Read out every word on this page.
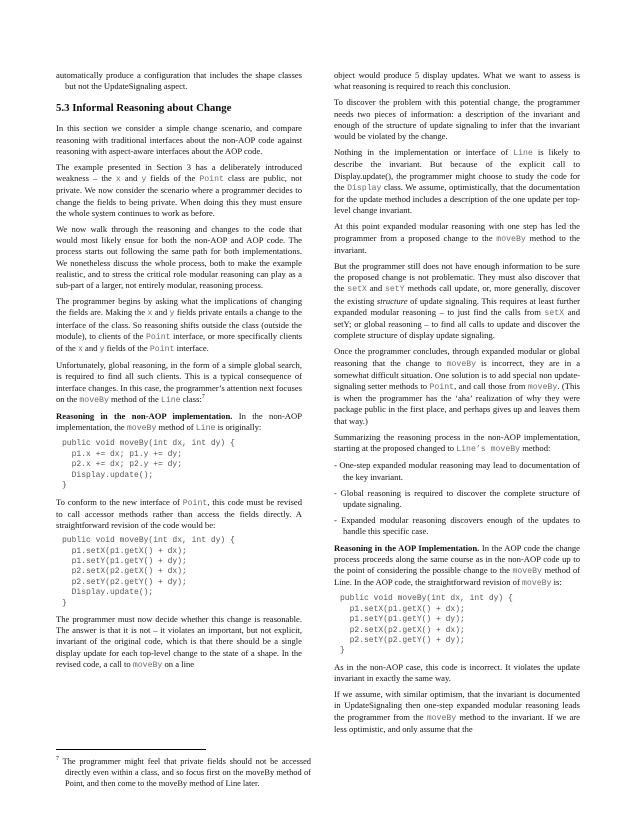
automatically produce a configuration that includes the shape classes but not the UpdateSignaling aspect.

5.3 Informal Reasoning about Change

In this section we consider a simple change scenario, and compare reasoning with traditional interfaces about the non-AOP code against reasoning with aspect-aware interfaces about the AOP code.

The example presented in Section 3 has a deliberately introduced weakness – the x and y fields of the Point class are public, not private. We now consider the scenario where a programmer decides to change the fields to being private. When doing this they must ensure the whole system continues to work as before.

We now walk through the reasoning and changes to the code that would most likely ensue for both the non-AOP and AOP code. The process starts out following the same path for both implementations. We nonetheless discuss the whole process, both to make the example realistic, and to stress the critical role modular reasoning can play as a sub-part of a larger, not entirely modular, reasoning process.

The programmer begins by asking what the implications of changing the fields are. Making the x and y fields private entails a change to the interface of the class. So reasoning shifts outside the class (outside the module), to clients of the Point interface, or more specifically clients of the x and y fields of the Point interface.

Unfortunately, global reasoning, in the form of a simple global search, is required to find all such clients. This is a typical consequence of interface changes. In this case, the programmer’s attention next focuses on the moveBy method of the Line class:$^7$

Reasoning in the non-AOP implementation. In the non-AOP implementation, the moveBy method of Line is originally:

public void moveBy(int dx, int dy) {
p1.x += dx; p1.y += dy;
p2.x += dx; p2.y += dy;
Display.update();
}

To conform to the new interface of Point, this code must be revised to call accessor methods rather than access the fields directly. A straightforward revision of the code would be:

public void moveBy(int dx, int dy) {
p1.setX(p1.getX() + dx);
p1.setY(p1.getY() + dy);
p2.setX(p2.getX() + dx);
p2.setY(p2.getY() + dy);
Display.update();
}

The programmer must now decide whether this change is reasonable. The answer is that it is not – it violates an important, but not explicit, invariant of the original code, which is that there should be a single display update for each top-level change to the state of a shape. In the revised code, a call to moveBy on a line

$^7$ The programmer might feel that private fields should not be accessed directly even within a class, and so focus first on the moveBy method of Point, and then come to the moveBy method of Line later.

object would produce 5 display updates. What we want to assess is what reasoning is required to reach this conclusion.

To discover the problem with this potential change, the programmer needs two pieces of information: a description of the invariant and enough of the structure of update signaling to infer that the invariant would be violated by the change.

Nothing in the implementation or interface of Line is likely to describe the invariant. But because of the explicit call to Display.update(), the programmer might choose to study the code for the Display class. We assume, optimistically, that the documentation for the update method includes a description of the one update per top-level change invariant.

At this point expanded modular reasoning with one step has led the programmer from a proposed change to the moveBy method to the invariant.

But the programmer still does not have enough information to be sure the proposed change is not problematic. They must also discover that the setX and setY methods call update, or, more generally, discover the existing structure of update signaling. This requires at least further expanded modular reasoning – to just find the calls from setX and setY; or global reasoning – to find all calls to update and discover the complete structure of display update signaling.

Once the programmer concludes, through expanded modular or global reasoning that the change to moveBy is incorrect, they are in a somewhat difficult situation. One solution is to add special non update-signaling setter methods to Point, and call those from moveBy. (This is when the programmer has the ‘aha’ realization of why they were package public in the first place, and perhaps gives up and leaves them that way.)

Summarizing the reasoning process in the non-AOP implementation, starting at the proposed changed to Line’s moveBy method:

- One-step expanded modular reasoning may lead to documentation of the key invariant.
- Global reasoning is required to discover the complete structure of update signaling.
- Expanded modular reasoning discovers enough of the updates to handle this specific case.

Reasoning in the AOP Implementation. In the AOP code the change process proceeds along the same course as in the non-AOP code up to the point of considering the possible change to the moveBy method of Line. In the AOP code, the straightforward revision of moveBy is:

public void moveBy(int dx, int dy) {
p1.setX(p1.getX() + dx);
p1.setY(p1.getY() + dy);
p2.setX(p2.getX() + dx);
p2.setY(p2.getY() + dy);
}

As in the non-AOP case, this code is incorrect. It violates the update invariant in exactly the same way.

If we assume, with similar optimism, that the invariant is documented in UpdateSignaling then one-step expanded modular reasoning leads the programmer from the moveBy method to the invariant. If we are less optimistic, and only assume that the
